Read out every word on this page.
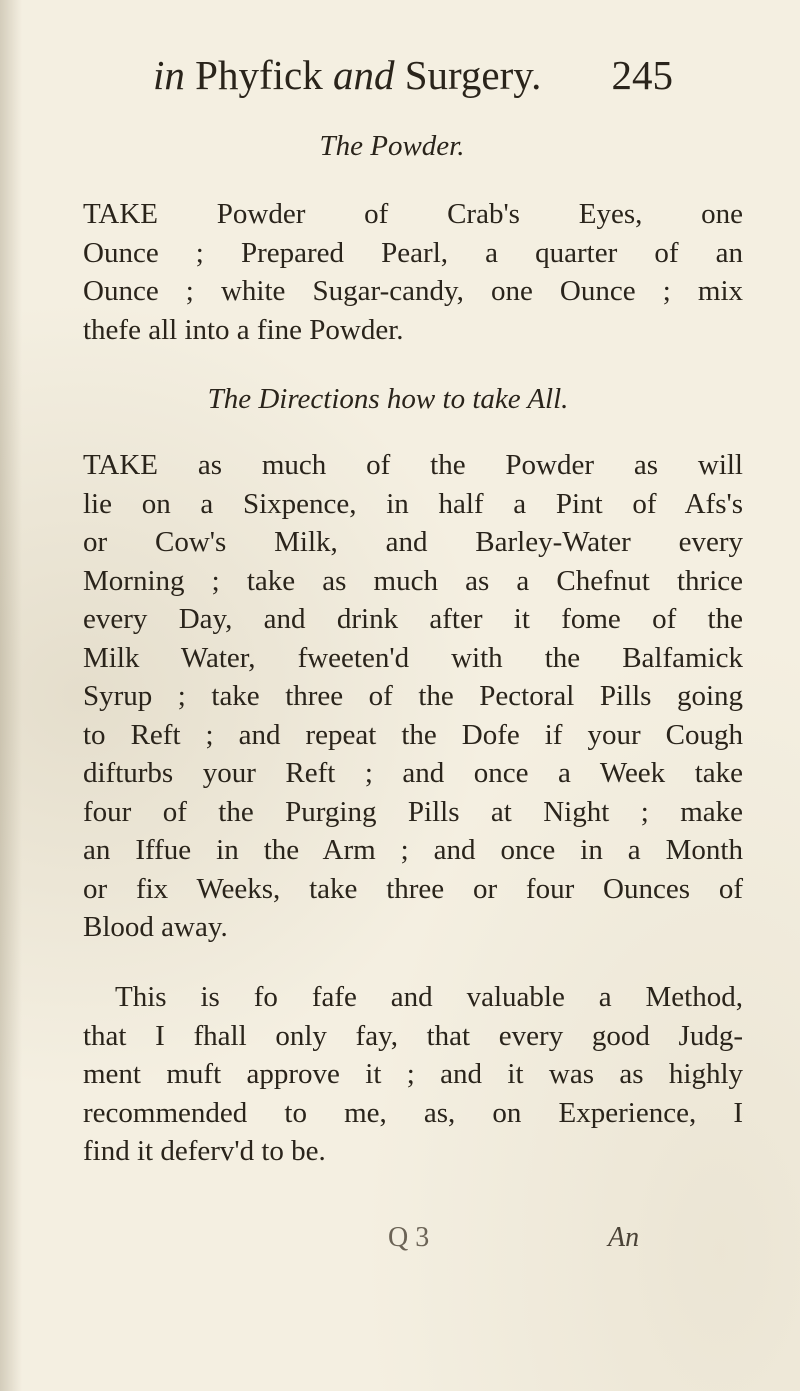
in Phyfick and Surgery. 245
The Powder.
TAKE Powder of Crab's Eyes, one
Ounce ; Prepared Pearl, a quarter of an
Ounce ; white Sugar-candy, one Ounce ; mix
thefe all into a fine Powder.
The Directions how to take All.
TAKE as much of the Powder as will
lie on a Sixpence, in half a Pint of Afs's
or Cow's Milk, and Barley-Water every
Morning ; take as much as a Chefnut thrice
every Day, and drink after it fome of the
Milk Water, fweeten'd with the Balfamick
Syrup ; take three of the Pectoral Pills going
to Reft ; and repeat the Dofe if your Cough
difturbs your Reft ; and once a Week take
four of the Purging Pills at Night ; make
an Iffue in the Arm ; and once in a Month
or fix Weeks, take three or four Ounces of
Blood away.
This is fo fafe and valuable a Method,
that I fhall only fay, that every good Judg-
ment muft approve it ; and it was as highly
recommended to me, as, on Experience, I
find it deferv'd to be.
Q 3	An
